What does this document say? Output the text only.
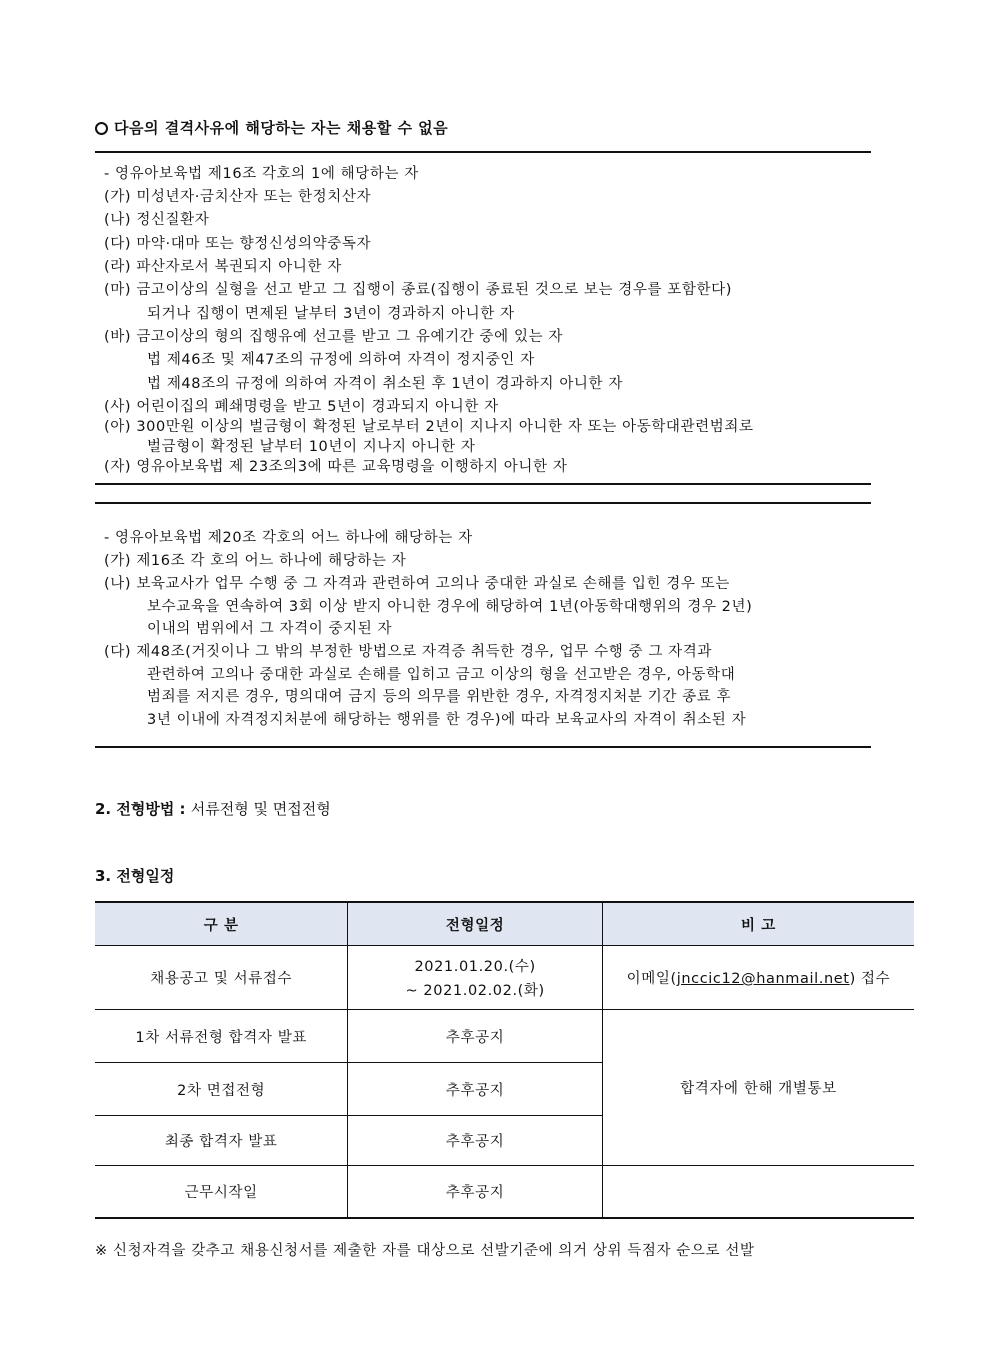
다음의 결격사유에 해당하는 자는 채용할 수 없음
- 영유아보육법 제16조 각호의 1에 해당하는 자
(가) 미성년자·금치산자 또는 한정치산자
(나) 정신질환자
(다) 마약·대마 또는 향정신성의약중독자
(라) 파산자로서 복권되지 아니한 자
(마) 금고이상의 실형을 선고 받고 그 집행이 종료(집행이 종료된 것으로 보는 경우를 포함한다)
되거나 집행이 면제된 날부터 3년이 경과하지 아니한 자
(바) 금고이상의 형의 집행유예 선고를 받고 그 유예기간 중에 있는 자
법 제46조 및 제47조의 규정에 의하여 자격이 정지중인 자
법 제48조의 규정에 의하여 자격이 취소된 후 1년이 경과하지 아니한 자
(사) 어린이집의 폐쇄명령을 받고 5년이 경과되지 아니한 자
(아) 300만원 이상의 벌금형이 확정된 날로부터 2년이 지나지 아니한 자 또는 아동학대관련범죄로
벌금형이 확정된 날부터 10년이 지나지 아니한 자
(자) 영유아보육법 제 23조의3에 따른 교육명령을 이행하지 아니한 자
- 영유아보육법 제20조 각호의 어느 하나에 해당하는 자
(가) 제16조 각 호의 어느 하나에 해당하는 자
(나) 보육교사가 업무 수행 중 그 자격과 관련하여 고의나 중대한 과실로 손해를 입힌 경우 또는
보수교육을 연속하여 3회 이상 받지 아니한 경우에 해당하여 1년(아동학대행위의 경우 2년)
이내의 범위에서 그 자격이 중지된 자
(다) 제48조(거짓이나 그 밖의 부정한 방법으로 자격증 취득한 경우, 업무 수행 중 그 자격과
관련하여 고의나 중대한 과실로 손해를 입히고 금고 이상의 형을 선고받은 경우, 아동학대
범죄를 저지른 경우, 명의대여 금지 등의 의무를 위반한 경우, 자격정지처분 기간 종료 후
3년 이내에 자격정지처분에 해당하는 행위를 한 경우)에 따라 보육교사의 자격이 취소된 자
2. 전형방법 : 서류전형 및 면접전형
3. 전형일정
구 분	전형일정	비 고
채용공고 및 서류접수	2021.01.20.(수)
~ 2021.02.02.(화)	이메일(jnccic12@hanmail.net) 접수
1차 서류전형 합격자 발표	추후공지	합격자에 한해 개별통보
2차 면접전형	추후공지	
최종 합격자 발표	추후공지	
근무시작일	추후공지	
※ 신청자격을 갖추고 채용신청서를 제출한 자를 대상으로 선발기준에 의거 상위 득점자 순으로 선발
